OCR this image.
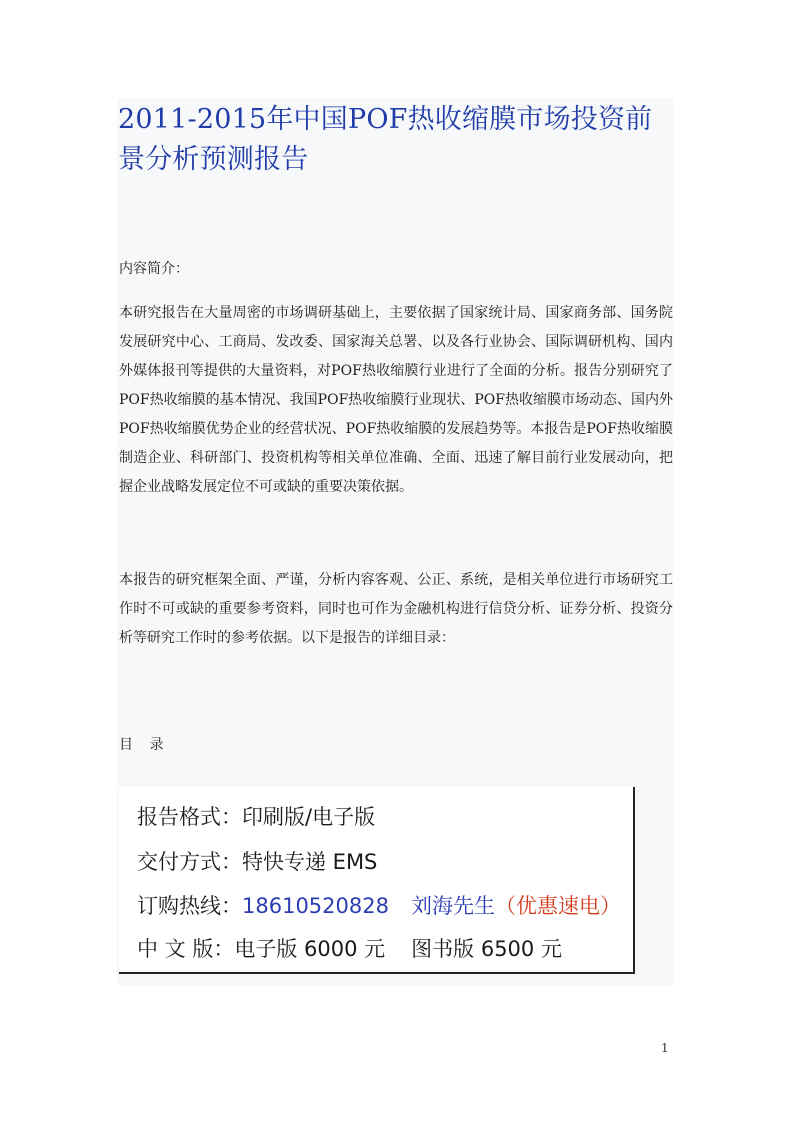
2011-2015年中国POF热收缩膜市场投资前景分析预测报告

内容简介：

本研究报告在大量周密的市场调研基础上，主要依据了国家统计局、国家商务部、国务院发展研究中心、工商局、发改委、国家海关总署、以及各行业协会、国际调研机构、国内外媒体报刊等提供的大量资料，对POF热收缩膜行业进行了全面的分析。报告分别研究了POF热收缩膜的基本情况、我国POF热收缩膜行业现状、POF热收缩膜市场动态、国内外POF热收缩膜优势企业的经营状况、POF热收缩膜的发展趋势等。本报告是POF热收缩膜制造企业、科研部门、投资机构等相关单位准确、全面、迅速了解目前行业发展动向，把握企业战略发展定位不可或缺的重要决策依据。

本报告的研究框架全面、严谨，分析内容客观、公正、系统，是相关单位进行市场研究工作时不可或缺的重要参考资料，同时也可作为金融机构进行信贷分析、证券分析、投资分析等研究工作时的参考依据。以下是报告的详细目录：

目 录

报告格式：印刷版/电子版
交付方式：特快专递 EMS
订购热线：18610520828 刘海先生（优惠速电）
中 文 版：电子版 6000 元 图书版 6500 元
1
